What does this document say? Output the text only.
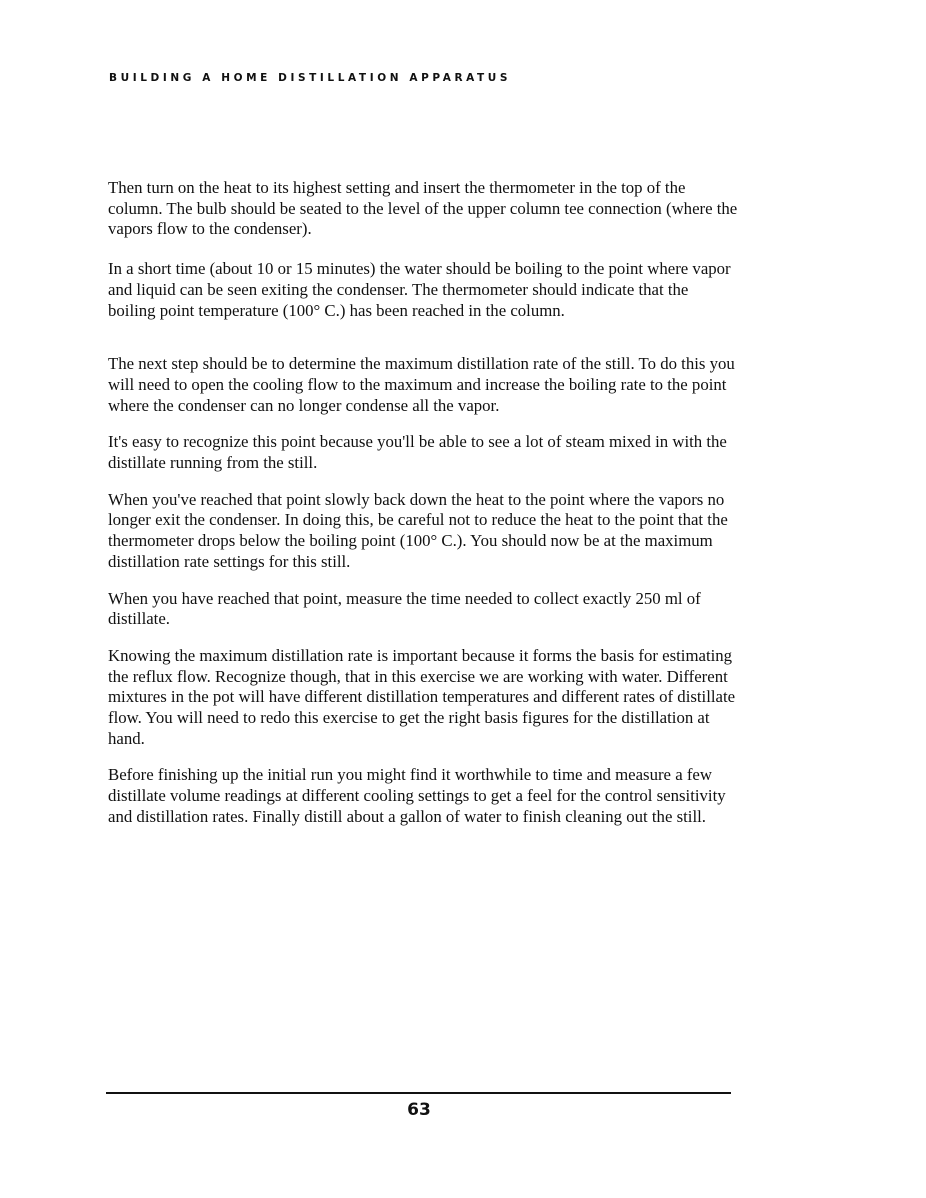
BUILDING A HOME DISTILLATION APPARATUS

Then turn on the heat to its highest setting and insert the thermometer in the top of the column. The bulb should be seated to the level of the upper column tee connection (where the vapors flow to the condenser).

In a short time (about 10 or 15 minutes) the water should be boiling to the point where vapor and liquid can be seen exiting the condenser. The thermometer should indicate that the boiling point temperature (100° C.) has been reached in the column.

The next step should be to determine the maximum distillation rate of the still. To do this you will need to open the cooling flow to the maximum and increase the boiling rate to the point where the condenser can no longer condense all the vapor.

It's easy to recognize this point because you'll be able to see a lot of steam mixed in with the distillate running from the still.

When you've reached that point slowly back down the heat to the point where the vapors no longer exit the condenser. In doing this, be careful not to reduce the heat to the point that the thermometer drops below the boiling point (100° C.). You should now be at the maximum distillation rate settings for this still.

When you have reached that point, measure the time needed to collect exactly 250 ml of distillate.

Knowing the maximum distillation rate is important because it forms the basis for estimating the reflux flow. Recognize though, that in this exercise we are working with water. Different mixtures in the pot will have different distillation temperatures and different rates of distillate flow. You will need to redo this exercise to get the right basis figures for the distillation at hand.

Before finishing up the initial run you might find it worthwhile to time and measure a few distillate volume readings at different cooling settings to get a feel for the control sensitivity and distillation rates. Finally distill about a gallon of water to finish cleaning out the still.

63
